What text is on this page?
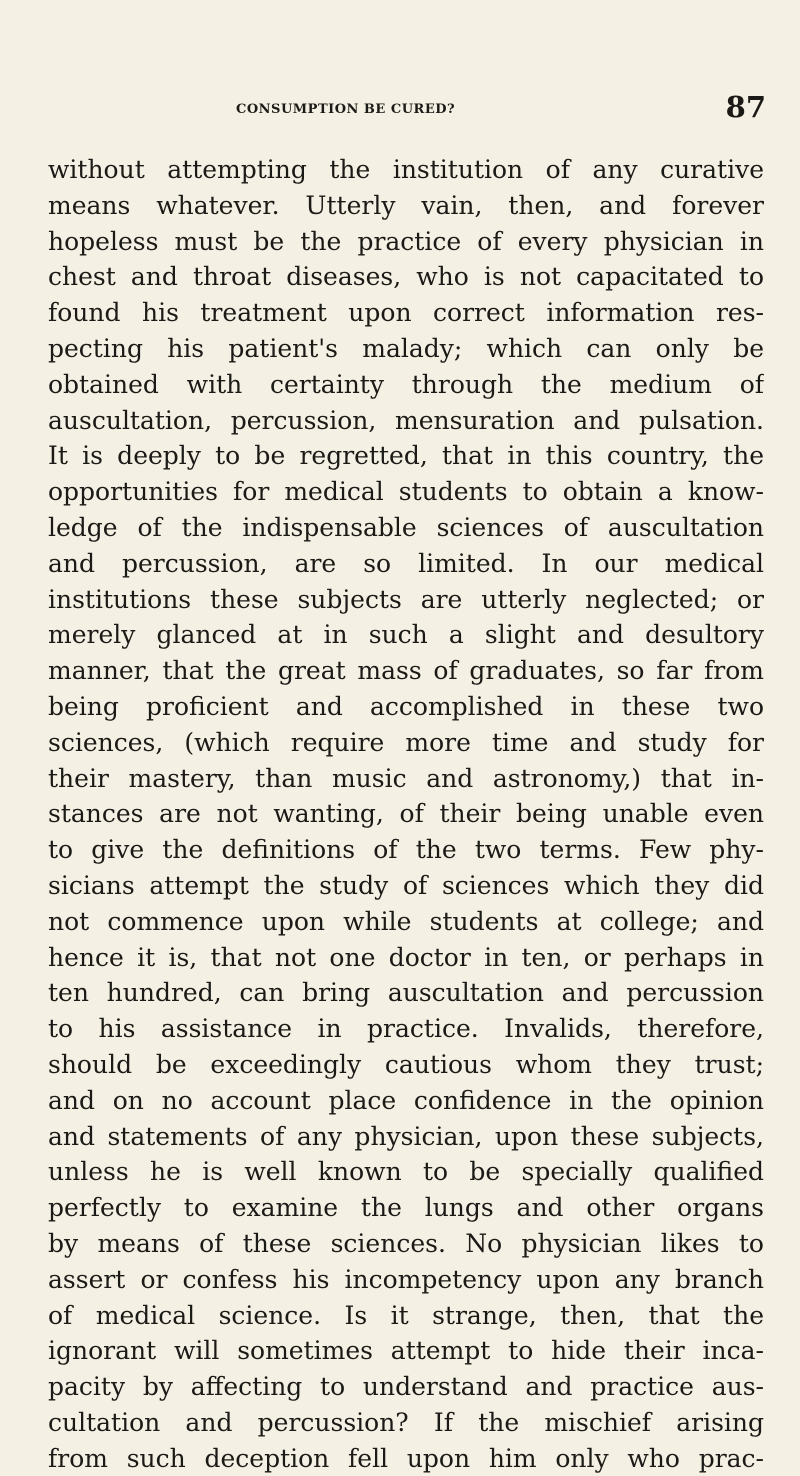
consumption be cured?	87
without attempting the institution of any curative
means whatever. Utterly vain, then, and forever
hopeless must be the practice of every physician in
chest and throat diseases, who is not capacitated to
found his treatment upon correct information res-
pecting his patient's malady; which can only be
obtained with certainty through the medium of
auscultation, percussion, mensuration and pulsation.
It is deeply to be regretted, that in this country, the
opportunities for medical students to obtain a know-
ledge of the indispensable sciences of auscultation
and percussion, are so limited. In our medical
institutions these subjects are utterly neglected; or
merely glanced at in such a slight and desultory
manner, that the great mass of graduates, so far from
being proficient and accomplished in these two
sciences, (which require more time and study for
their mastery, than music and astronomy,) that in-
stances are not wanting, of their being unable even
to give the definitions of the two terms. Few phy-
sicians attempt the study of sciences which they did
not commence upon while students at college; and
hence it is, that not one doctor in ten, or perhaps in
ten hundred, can bring auscultation and percussion
to his assistance in practice. Invalids, therefore,
should be exceedingly cautious whom they trust;
and on no account place confidence in the opinion
and statements of any physician, upon these subjects,
unless he is well known to be specially qualified
perfectly to examine the lungs and other organs
by means of these sciences. No physician likes to
assert or confess his incompetency upon any branch
of medical science. Is it strange, then, that the
ignorant will sometimes attempt to hide their inca-
pacity by affecting to understand and practice aus-
cultation and percussion? If the mischief arising
from such deception fell upon him only who prac-
